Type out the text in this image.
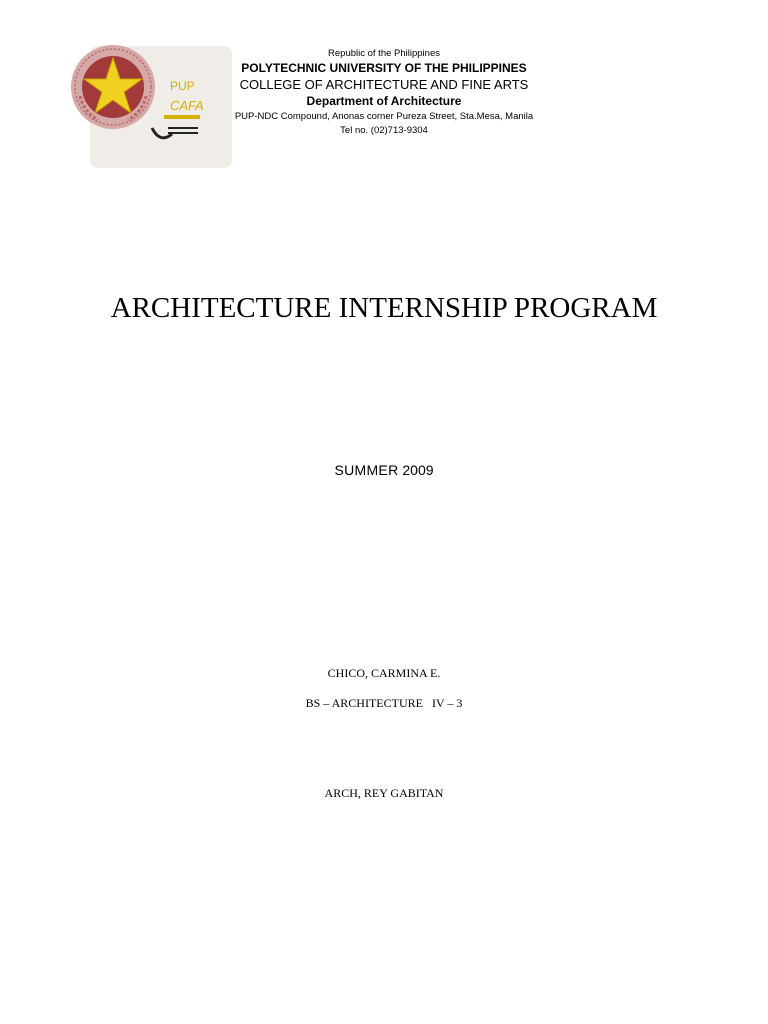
PUP
CAFA
Republic of the Philippines
POLYTECHNIC UNIVERSITY OF THE PHILIPPINES
COLLEGE OF ARCHITECTURE AND FINE ARTS
Department of Architecture
PUP-NDC Compound, Anonas corner Pureza Street, Sta.Mesa, Manila
Tel no. (02)713-9304
ARCHITECTURE INTERNSHIP PROGRAM
SUMMER 2009
CHICO, CARMINA E.
BS – ARCHITECTURE   IV – 3
ARCH, REY GABITAN
